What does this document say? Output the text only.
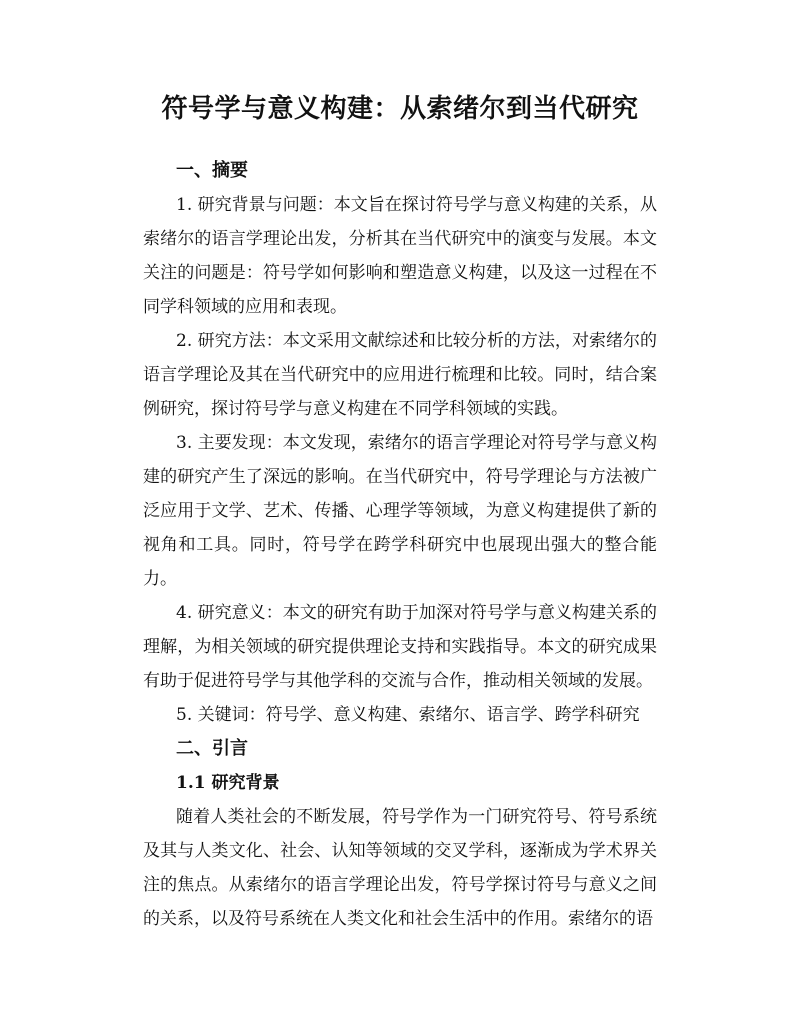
符号学与意义构建：从索绪尔到当代研究
一、摘要

1. 研究背景与问题：本文旨在探讨符号学与意义构建的关系，从索绪尔的语言学理论出发，分析其在当代研究中的演变与发展。本文关注的问题是：符号学如何影响和塑造意义构建，以及这一过程在不同学科领域的应用和表现。

2. 研究方法：本文采用文献综述和比较分析的方法，对索绪尔的语言学理论及其在当代研究中的应用进行梳理和比较。同时，结合案例研究，探讨符号学与意义构建在不同学科领域的实践。

3. 主要发现：本文发现，索绪尔的语言学理论对符号学与意义构建的研究产生了深远的影响。在当代研究中，符号学理论与方法被广泛应用于文学、艺术、传播、心理学等领域，为意义构建提供了新的视角和工具。同时，符号学在跨学科研究中也展现出强大的整合能力。

4. 研究意义：本文的研究有助于加深对符号学与意义构建关系的理解，为相关领域的研究提供理论支持和实践指导。本文的研究成果有助于促进符号学与其他学科的交流与合作，推动相关领域的发展。

5. 关键词：符号学、意义构建、索绪尔、语言学、跨学科研究

二、引言
1.1 研究背景

随着人类社会的不断发展，符号学作为一门研究符号、符号系统及其与人类文化、社会、认知等领域的交叉学科，逐渐成为学术界关注的焦点。从索绪尔的语言学理论出发，符号学探讨符号与意义之间的关系，以及符号系统在人类文化和社会生活中的作用。索绪尔的语
